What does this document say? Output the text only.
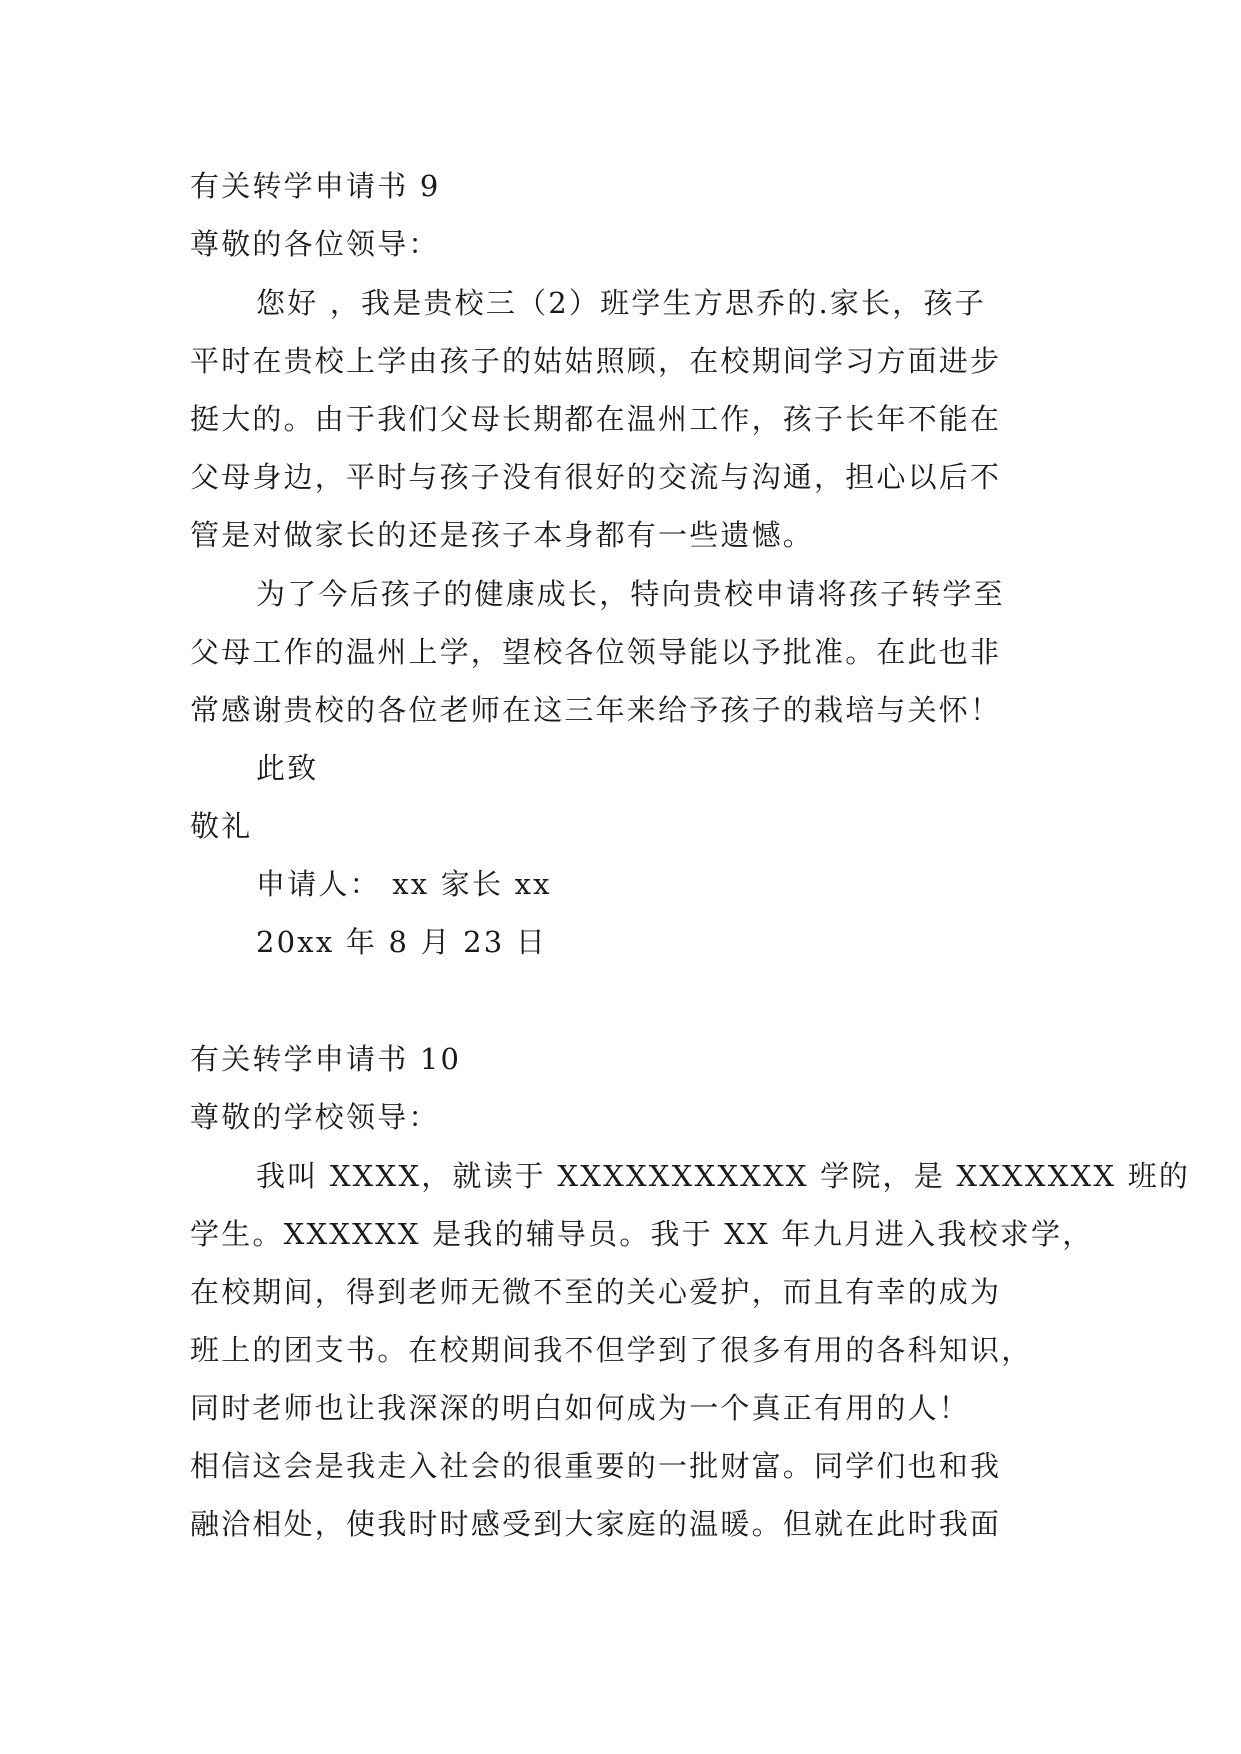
有关转学申请书 9
尊敬的各位领导：
您好 ，我是贵校三（2）班学生方思乔的.家长，孩子
平时在贵校上学由孩子的姑姑照顾，在校期间学习方面进步
挺大的。由于我们父母长期都在温州工作，孩子长年不能在
父母身边，平时与孩子没有很好的交流与沟通，担心以后不
管是对做家长的还是孩子本身都有一些遗憾。
为了今后孩子的健康成长，特向贵校申请将孩子转学至
父母工作的温州上学，望校各位领导能以予批准。在此也非
常感谢贵校的各位老师在这三年来给予孩子的栽培与关怀！
此致
敬礼
申请人： xx 家长 xx
20xx 年 8 月 23 日
有关转学申请书 10
尊敬的学校领导：
我叫 XXXX，就读于 XXXXXXXXXXX 学院，是 XXXXXXX 班的
学生。XXXXXX 是我的辅导员。我于 XX 年九月进入我校求学，
在校期间，得到老师无微不至的关心爱护，而且有幸的成为
班上的团支书。在校期间我不但学到了很多有用的各科知识，
同时老师也让我深深的明白如何成为一个真正有用的人！
相信这会是我走入社会的很重要的一批财富。同学们也和我
融洽相处，使我时时感受到大家庭的温暖。但就在此时我面
